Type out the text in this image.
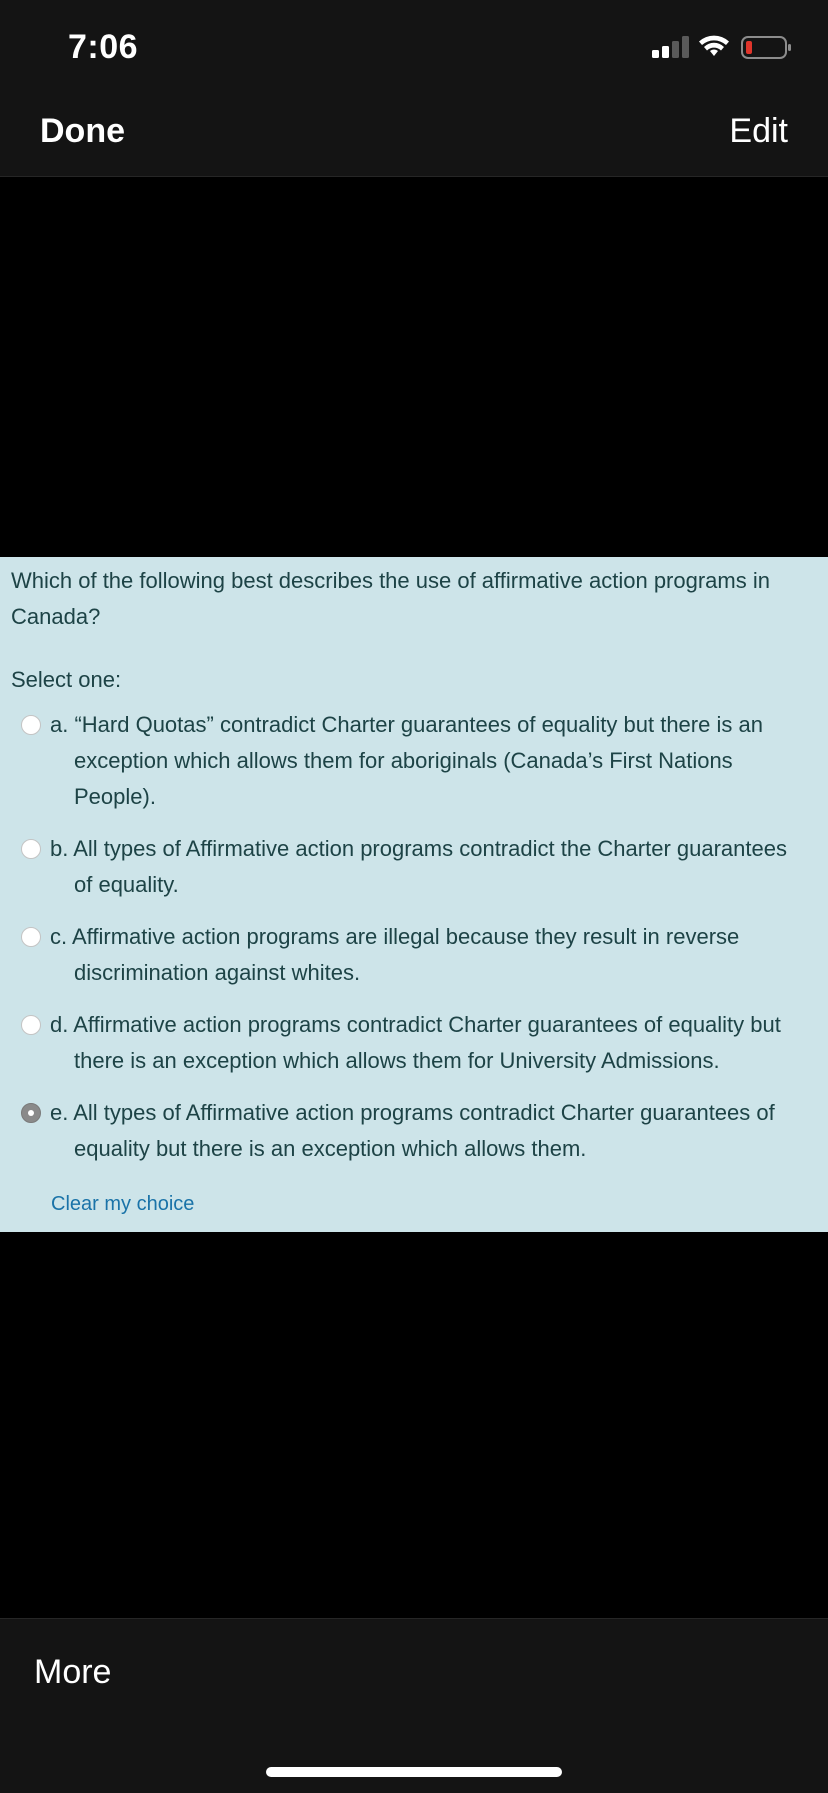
7:06
Done	Edit
Which of the following best describes the use of affirmative action programs in Canada?
Select one:
a. “Hard Quotas” contradict Charter guarantees of equality but there is an exception which allows them for aboriginals (Canada’s First Nations People).
b. All types of Affirmative action programs contradict the Charter guarantees of equality.
c. Affirmative action programs are illegal because they result in reverse discrimination against whites.
d. Affirmative action programs contradict Charter guarantees of equality but there is an exception which allows them for University Admissions.
e. All types of Affirmative action programs contradict Charter guarantees of equality but there is an exception which allows them.
Clear my choice
More
